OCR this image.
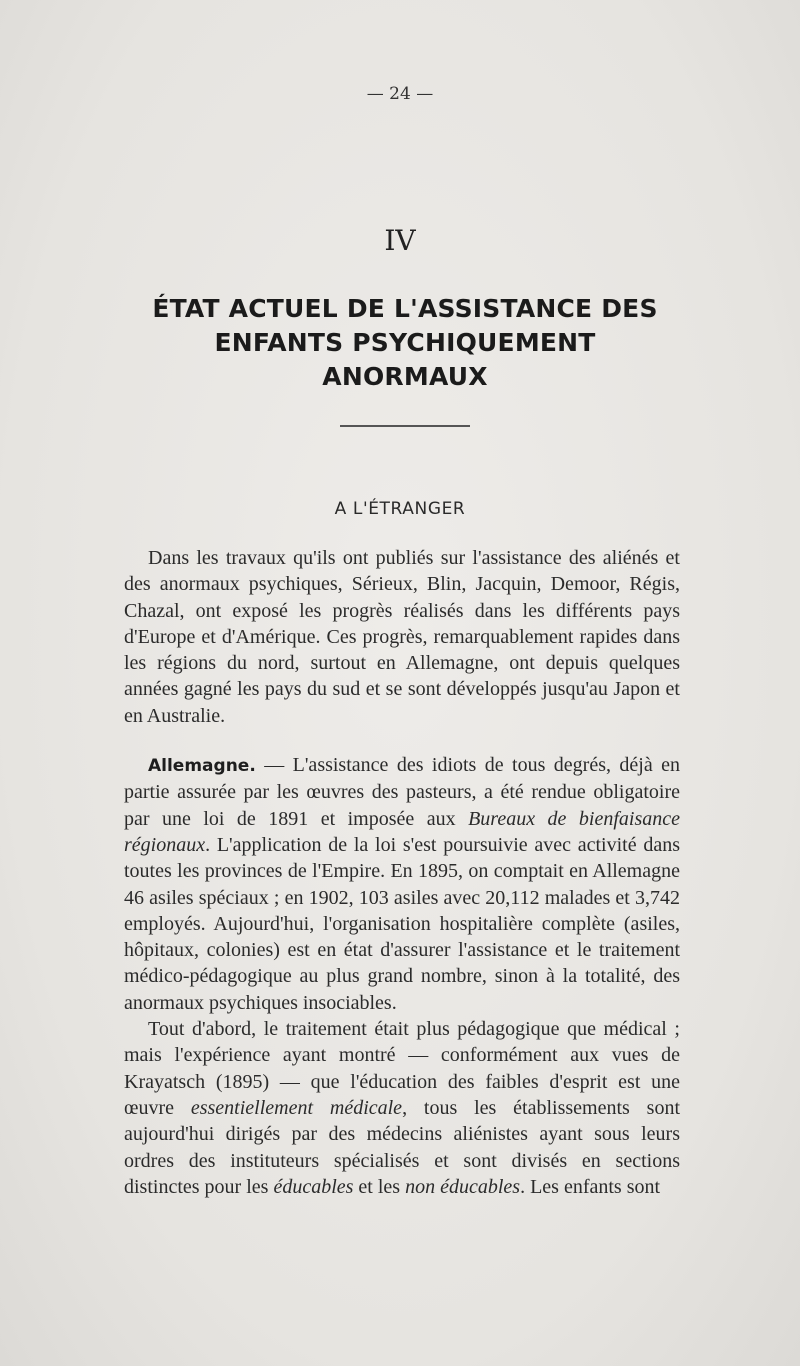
— 24 —
IV
ÉTAT ACTUEL DE L'ASSISTANCE DES
ENFANTS PSYCHIQUEMENT
ANORMAUX
A L'ÉTRANGER

Dans les travaux qu'ils ont publiés sur l'assistance des aliénés et des anormaux psychiques, Sérieux, Blin, Jacquin, Demoor, Régis, Chazal, ont exposé les progrès réalisés dans les différents pays d'Europe et d'Amérique. Ces progrès, remarquablement rapides dans les régions du nord, surtout en Allemagne, ont depuis quelques années gagné les pays du sud et se sont développés jusqu'au Japon et en Australie.

Allemagne. — L'assistance des idiots de tous degrés, déjà en partie assurée par les œuvres des pasteurs, a été rendue obligatoire par une loi de 1891 et imposée aux Bureaux de bienfaisance régionaux. L'application de la loi s'est poursuivie avec activité dans toutes les provinces de l'Empire. En 1895, on comptait en Allemagne 46 asiles spéciaux ; en 1902, 103 asiles avec 20,112 malades et 3,742 employés. Aujourd'hui, l'organisation hospitalière complète (asiles, hôpitaux, colonies) est en état d'assurer l'assistance et le traitement médico-pédagogique au plus grand nombre, sinon à la totalité, des anormaux psychiques insociables.

Tout d'abord, le traitement était plus pédagogique que médical ; mais l'expérience ayant montré — conformément aux vues de Krayatsch (1895) — que l'éducation des faibles d'esprit est une œuvre essentiellement médicale, tous les établissements sont aujourd'hui dirigés par des médecins aliénistes ayant sous leurs ordres des instituteurs spécialisés et sont divisés en sections distinctes pour les éducables et les non éducables. Les enfants sont
